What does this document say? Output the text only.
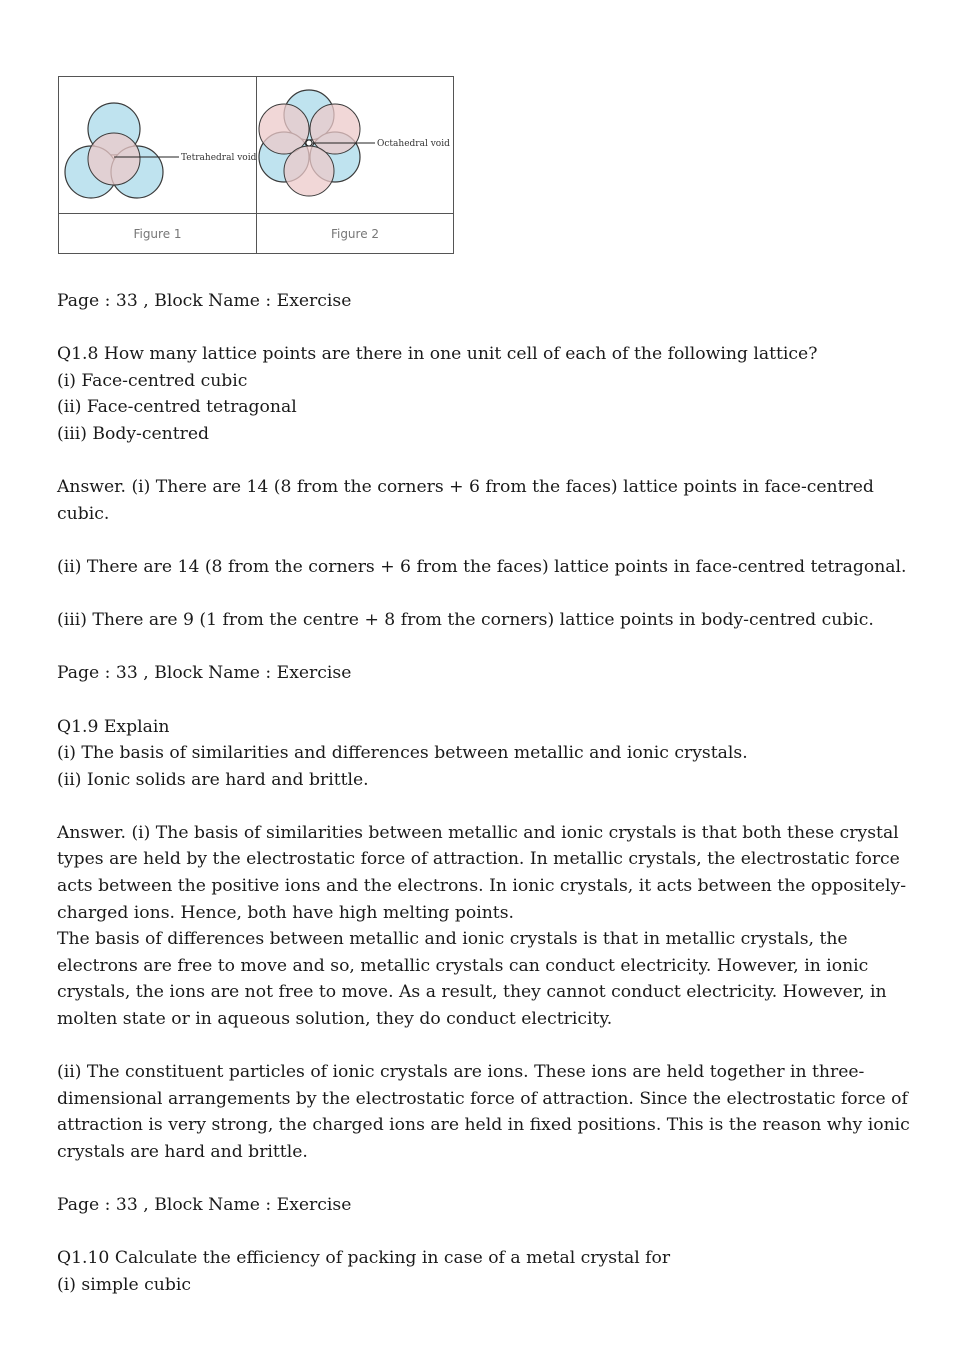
Tetrahedral void
Octahedral void
Figure 1	Figure 2

Page : 33 , Block Name : Exercise

Q1.8 How many lattice points are there in one unit cell of each of the following lattice?

(i) Face-centred cubic

(ii) Face-centred tetragonal

(iii) Body-centred

Answer. (i) There are 14 (8 from the corners + 6 from the faces) lattice points in face-centred cubic.

(ii) There are 14 (8 from the corners + 6 from the faces) lattice points in face-centred tetragonal.

(iii) There are 9 (1 from the centre + 8 from the corners) lattice points in body-centred cubic.

Page : 33 , Block Name : Exercise

Q1.9 Explain

(i) The basis of similarities and differences between metallic and ionic crystals.

(ii) Ionic solids are hard and brittle.

Answer. (i) The basis of similarities between metallic and ionic crystals is that both these crystal

types are held by the electrostatic force of attraction. In metallic crystals, the electrostatic force

acts between the positive ions and the electrons. In ionic crystals, it acts between the oppositely-

charged ions. Hence, both have high melting points.

The basis of differences between metallic and ionic crystals is that in metallic crystals, the

electrons are free to move and so, metallic crystals can conduct electricity. However, in ionic

crystals, the ions are not free to move. As a result, they cannot conduct electricity. However, in

molten state or in aqueous solution, they do conduct electricity.

(ii) The constituent particles of ionic crystals are ions. These ions are held together in three-

dimensional arrangements by the electrostatic force of attraction. Since the electrostatic force of

attraction is very strong, the charged ions are held in fixed positions. This is the reason why ionic

crystals are hard and brittle.

Page : 33 , Block Name : Exercise

Q1.10 Calculate the efficiency of packing in case of a metal crystal for

(i) simple cubic
